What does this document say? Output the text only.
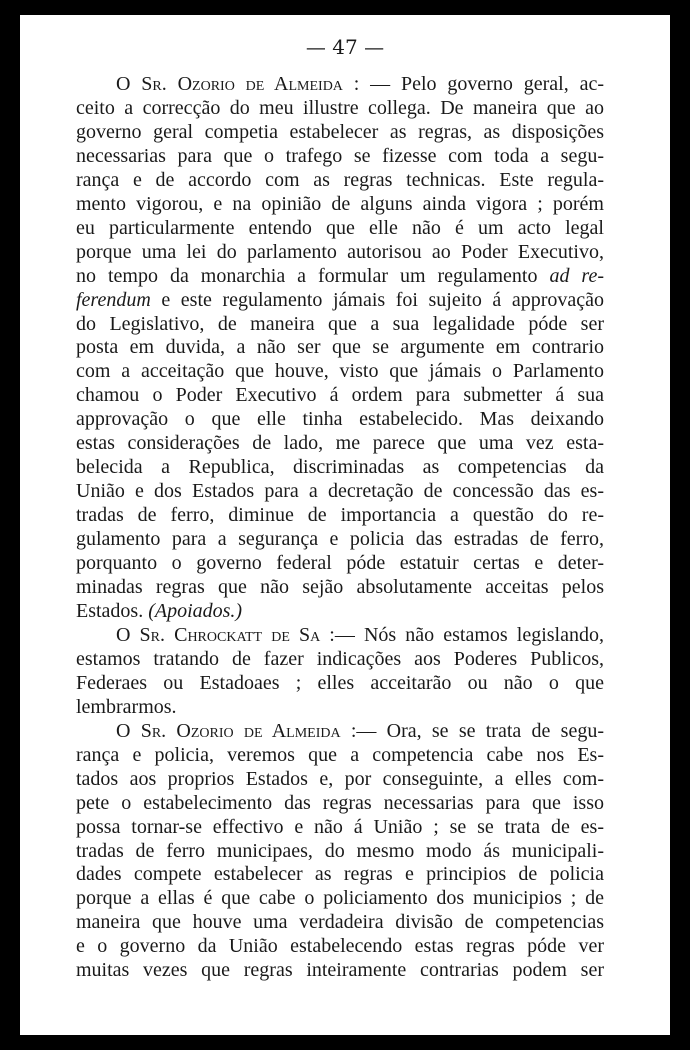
— 47 —
O Sr. Ozorio de Almeida : — Pelo governo geral, ac-
ceito a correcção do meu illustre collega. De maneira que ao
governo geral competia estabelecer as regras, as disposições
necessarias para que o trafego se fizesse com toda a segu-
rança e de accordo com as regras technicas. Este regula-
mento vigorou, e na opinião de alguns ainda vigora ; porém
eu particularmente entendo que elle não é um acto legal
porque uma lei do parlamento autorisou ao Poder Executivo,
no tempo da monarchia a formular um regulamento ad re-
ferendum e este regulamento jámais foi sujeito á approvação
do Legislativo, de maneira que a sua legalidade póde ser
posta em duvida, a não ser que se argumente em contrario
com a acceitação que houve, visto que jámais o Parlamento
chamou o Poder Executivo á ordem para submetter á sua
approvação o que elle tinha estabelecido. Mas deixando
estas considerações de lado, me parece que uma vez esta-
belecida a Republica, discriminadas as competencias da
União e dos Estados para a decretação de concessão das es-
tradas de ferro, diminue de importancia a questão do re-
gulamento para a segurança e policia das estradas de ferro,
porquanto o governo federal póde estatuir certas e deter-
minadas regras que não sejão absolutamente acceitas pelos
Estados. (Apoiados.)
O Sr. Chrockatt de Sa :— Nós não estamos legislando,
estamos tratando de fazer indicações aos Poderes Publicos,
Federaes ou Estadoaes ; elles acceitarão ou não o que
lembrarmos.
O Sr. Ozorio de Almeida :— Ora, se se trata de segu-
rança e policia, veremos que a competencia cabe nos Es-
tados aos proprios Estados e, por conseguinte, a elles com-
pete o estabelecimento das regras necessarias para que isso
possa tornar-se effectivo e não á União ; se se trata de es-
tradas de ferro municipaes, do mesmo modo ás municipali-
dades compete estabelecer as regras e principios de policia
porque a ellas é que cabe o policiamento dos municipios ; de
maneira que houve uma verdadeira divisão de competencias
e o governo da União estabelecendo estas regras póde ver
muitas vezes que regras inteiramente contrarias podem ser
